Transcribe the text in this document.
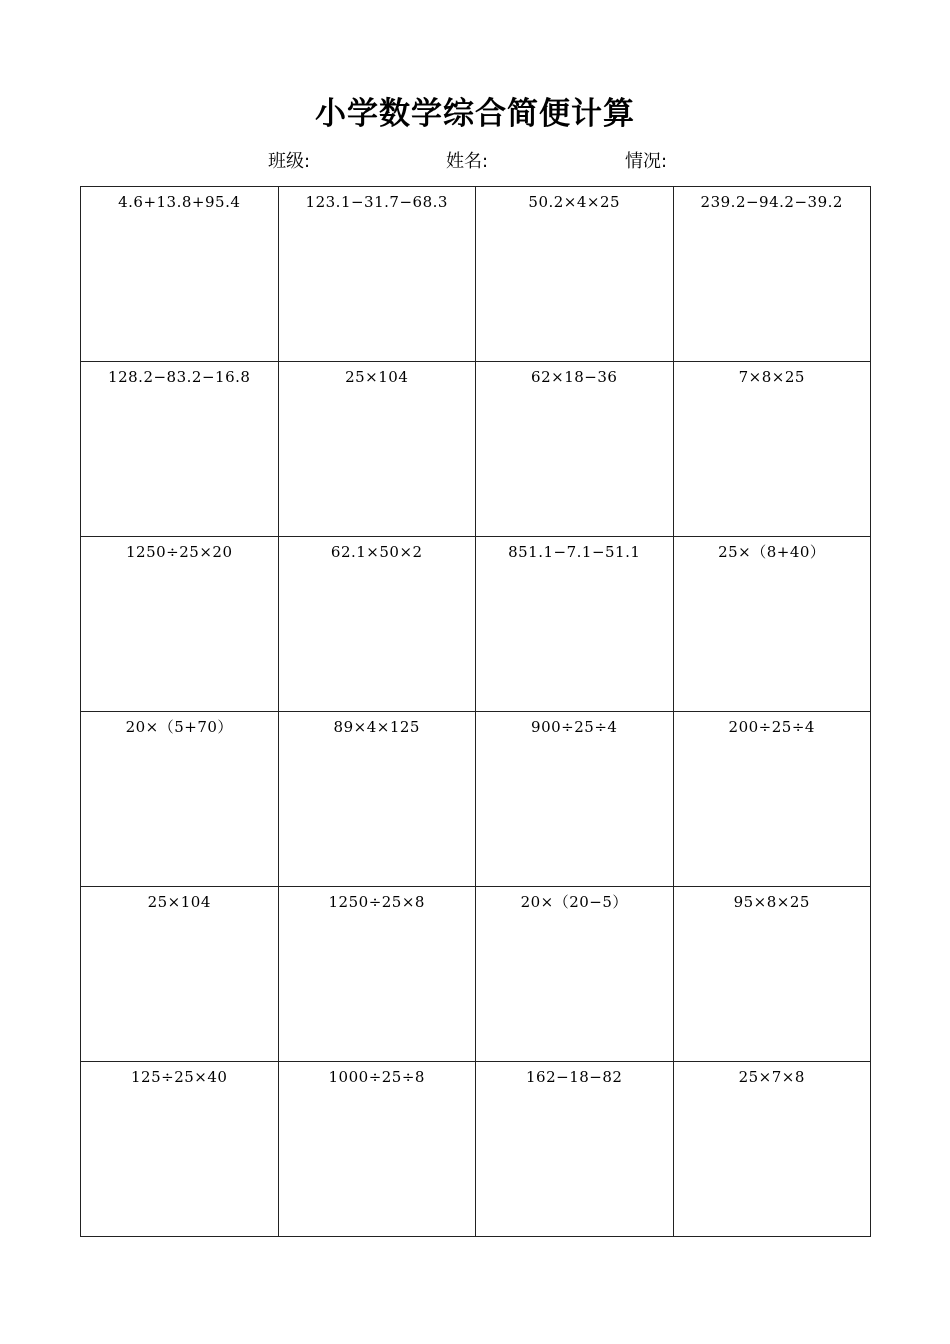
小学数学综合简便计算
班级:	姓名:	情况:
4.6+13.8+95.4	123.1−31.7−68.3	50.2×4×25	239.2−94.2−39.2
128.2−83.2−16.8	25×104	62×18−36	7×8×25
1250÷25×20	62.1×50×2	851.1−7.1−51.1	25×（8+40）
20×（5+70）	89×4×125	900÷25÷4	200÷25÷4
25×104	1250÷25×8	20×（20−5）	95×8×25
125÷25×40	1000÷25÷8	162−18−82	25×7×8
